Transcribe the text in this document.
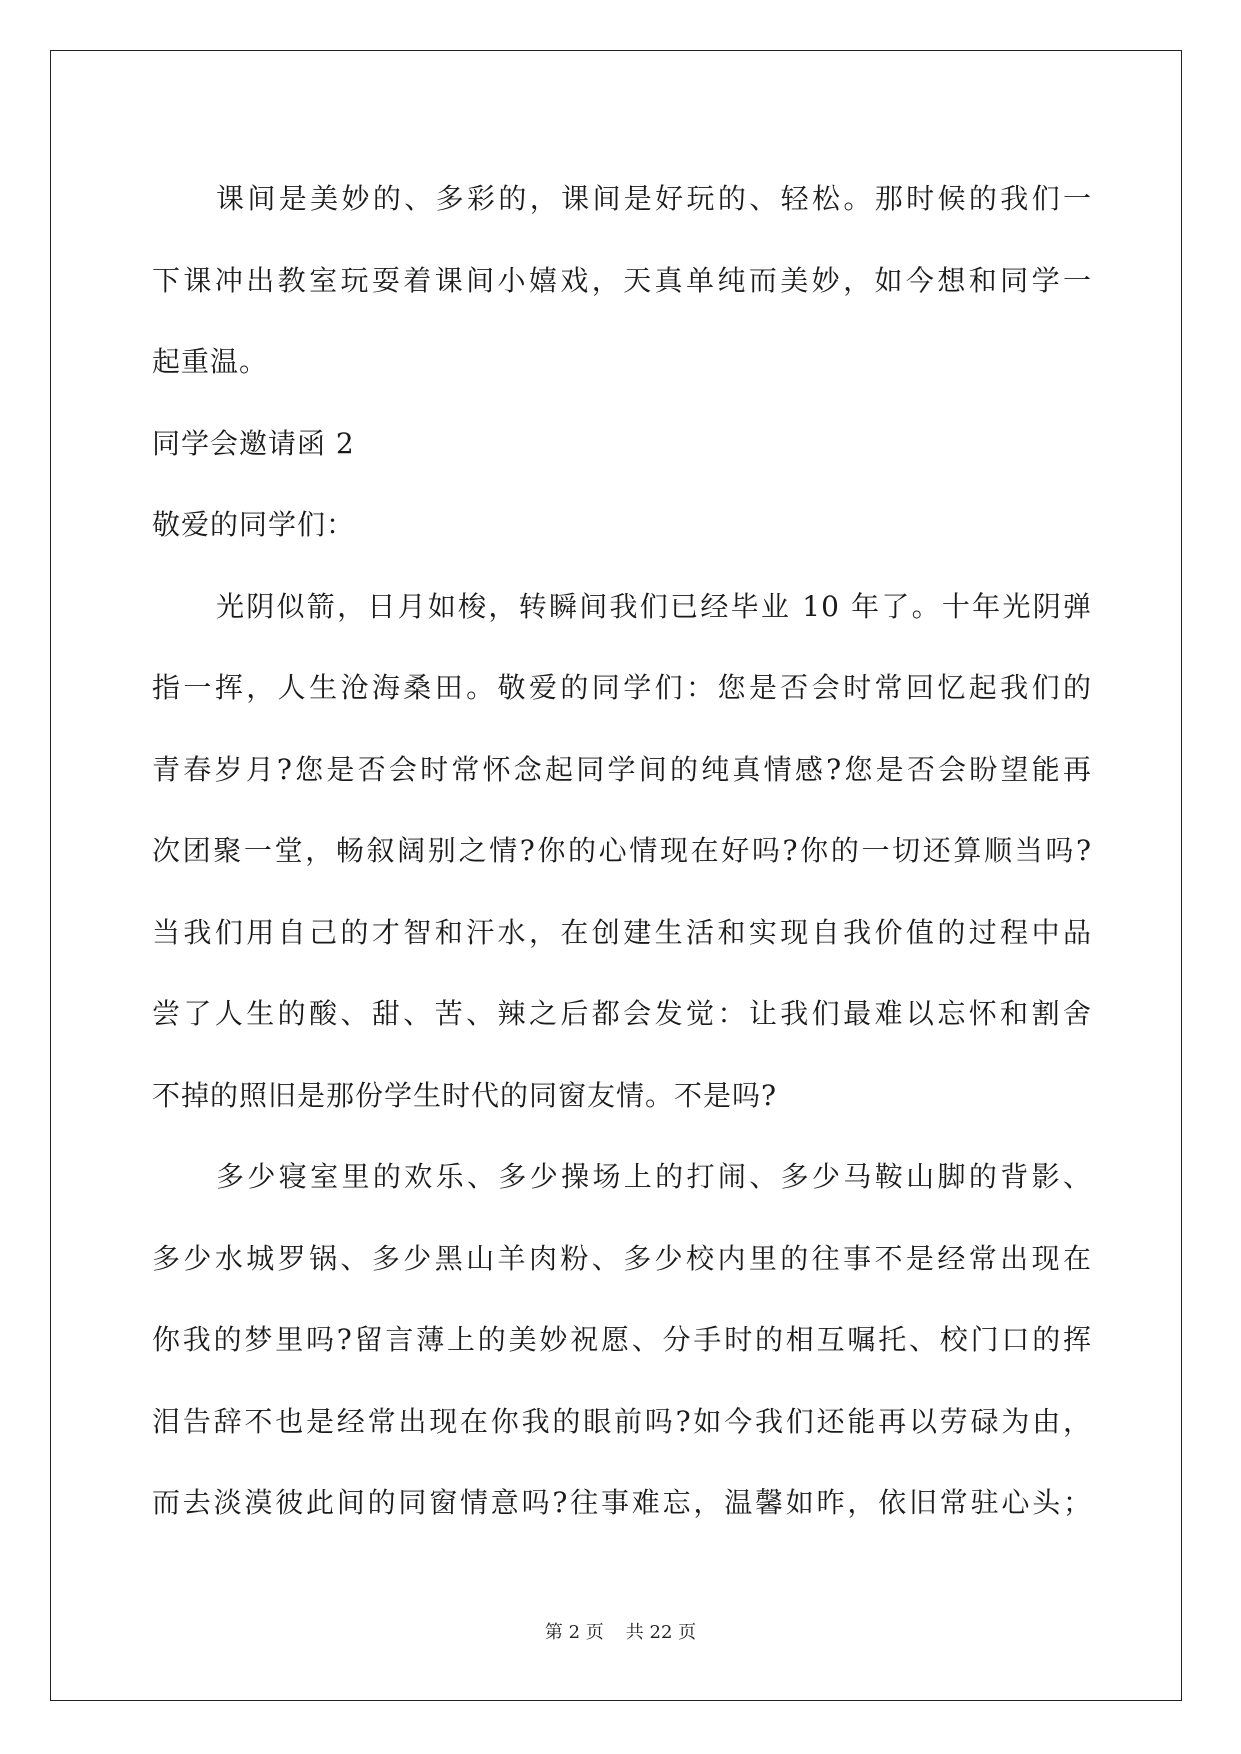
课间是美妙的、多彩的，课间是好玩的、轻松。那时候的我们一
下课冲出教室玩耍着课间小嬉戏，天真单纯而美妙，如今想和同学一
起重温。
同学会邀请函 2
敬爱的同学们：
光阴似箭，日月如梭，转瞬间我们已经毕业 10 年了。十年光阴弹
指一挥，人生沧海桑田。敬爱的同学们：您是否会时常回忆起我们的
青春岁月?您是否会时常怀念起同学间的纯真情感?您是否会盼望能再
次团聚一堂，畅叙阔别之情?你的心情现在好吗?你的一切还算顺当吗?
当我们用自己的才智和汗水，在创建生活和实现自我价值的过程中品
尝了人生的酸、甜、苦、辣之后都会发觉：让我们最难以忘怀和割舍
不掉的照旧是那份学生时代的同窗友情。不是吗?
多少寝室里的欢乐、多少操场上的打闹、多少马鞍山脚的背影、
多少水城罗锅、多少黑山羊肉粉、多少校内里的往事不是经常出现在
你我的梦里吗?留言薄上的美妙祝愿、分手时的相互嘱托、校门口的挥
泪告辞不也是经常出现在你我的眼前吗?如今我们还能再以劳碌为由，
而去淡漠彼此间的同窗情意吗?往事难忘，温馨如昨，依旧常驻心头；
第 2 页 共 22 页
